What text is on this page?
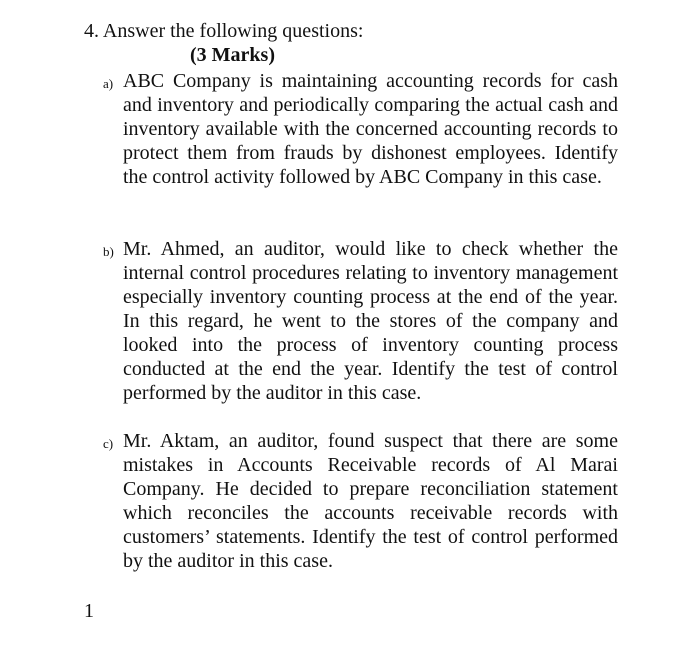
4. Answer the following questions:
(3 Marks)
a) ABC Company is maintaining accounting records for cash and inventory and periodically comparing the actual cash and inventory available with the concerned accounting records to protect them from frauds by dishonest employees. Identify the control activity followed by ABC Company in this case.
b) Mr. Ahmed, an auditor, would like to check whether the internal control procedures relating to inventory management especially inventory counting process at the end of the year. In this regard, he went to the stores of the company and looked into the process of inventory counting process conducted at the end the year. Identify the test of control performed by the auditor in this case.
c) Mr. Aktam, an auditor, found suspect that there are some mistakes in Accounts Receivable records of Al Marai Company. He decided to prepare reconciliation statement which reconciles the accounts receivable records with customers’ statements. Identify the test of control performed by the auditor in this case.
1
